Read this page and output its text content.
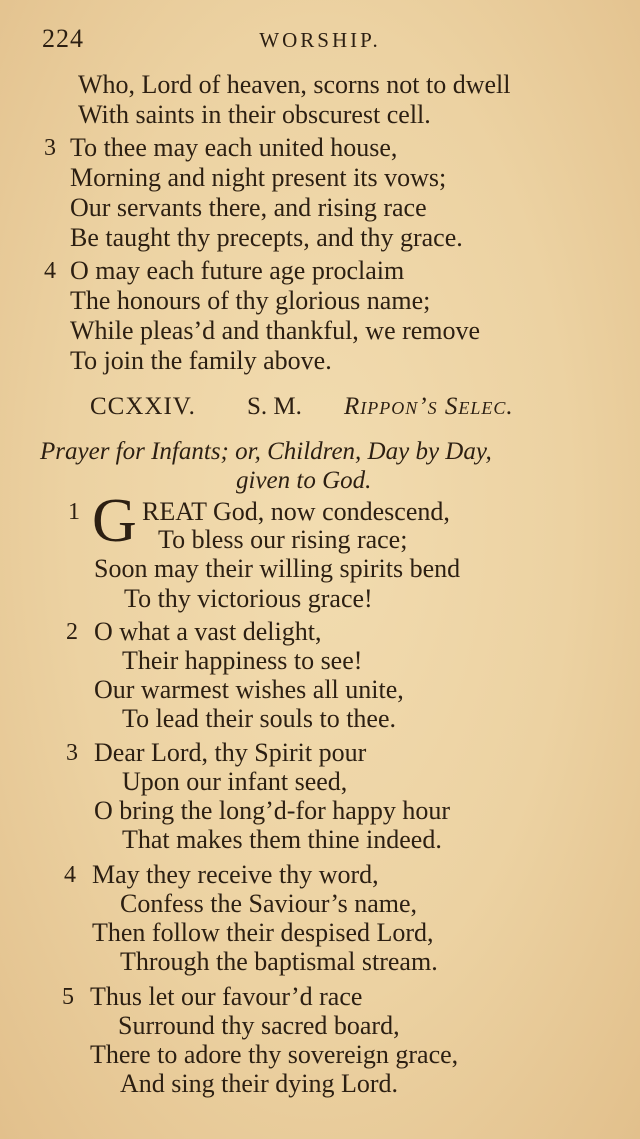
224	WORSHIP.
Who, Lord of heaven, scorns not to dwell
With saints in their obscurest cell.
3 To thee may each united house,
Morning and night present its vows;
Our servants there, and rising race
Be taught thy precepts, and thy grace.
4 O may each future age proclaim
The honours of thy glorious name;
While pleas’d and thankful, we remove
To join the family above.
CCXXIV. S. M. Rippon’s Selec.
Prayer for Infants; or, Children, Day by Day,
given to God.
1 G REAT God, now condescend,
To bless our rising race;
Soon may their willing spirits bend
To thy victorious grace!
2 O what a vast delight,
Their happiness to see!
Our warmest wishes all unite,
To lead their souls to thee.
3 Dear Lord, thy Spirit pour
Upon our infant seed,
O bring the long’d-for happy hour
That makes them thine indeed.
4 May they receive thy word,
Confess the Saviour’s name,
Then follow their despised Lord,
Through the baptismal stream.
5 Thus let our favour’d race
Surround thy sacred board,
There to adore thy sovereign grace,
And sing their dying Lord.
